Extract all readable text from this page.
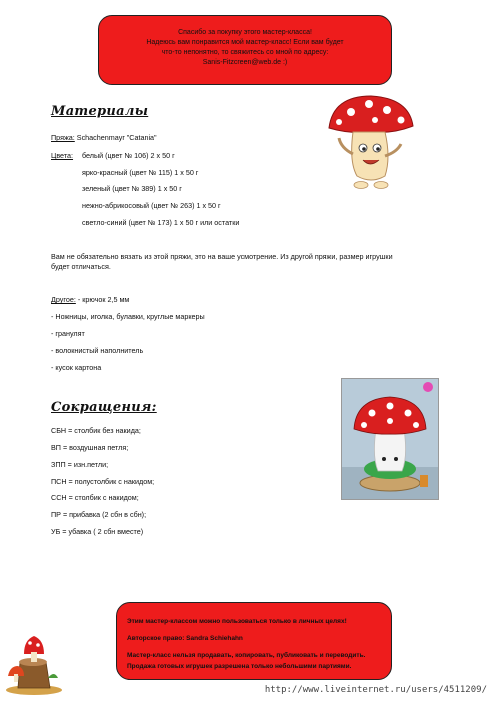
Спасибо за покупку этого мастер-класса!
Надеюсь вам понравится мой мастер-класс! Если вам будет
что-то непонятно, то свяжитесь со мной по адресу:
Sanis-Fitzcreen@web.de :)
Материалы
Пряжа: Schachenmayr "Catania"
Цвета: белый (цвет № 106) 2 х 50 г
ярко-красный (цвет № 115) 1 х 50 г
зеленый (цвет № 389) 1 х 50 г
нежно-абрикосовый (цвет № 263) 1 х 50 г
светло-синий (цвет № 173) 1 х 50 г или остатки
Вам не обязательно вязать из этой пряжи, это на ваше усмотрение. Из другой пряжи, размер игрушки
будет отличаться.
Другое: - крючок 2,5 мм
- Ножницы, иголка, булавки, круглые маркеры
- гранулят
- волокнистый наполнитель
- кусок картона
Сокращения:
СБН = столбик без накида;
ВП = воздушная петля;
ЗПП = изн.петли;
ПСН = полустолбик с накидом;
ССН = столбик с накидом;
ПР = прибавка (2 сбн в сбн);
УБ = убавка ( 2 сбн вместе)
Этим мастер-классом можно пользоваться только в личных целях!
Авторское право: Sandra Schiehahn
Мастер-класс нельзя продавать, копировать, публиковать и переводить.
Продажа готовых игрушек разрешена только небольшими партиями.
http://www.liveinternet.ru/users/4511209/
